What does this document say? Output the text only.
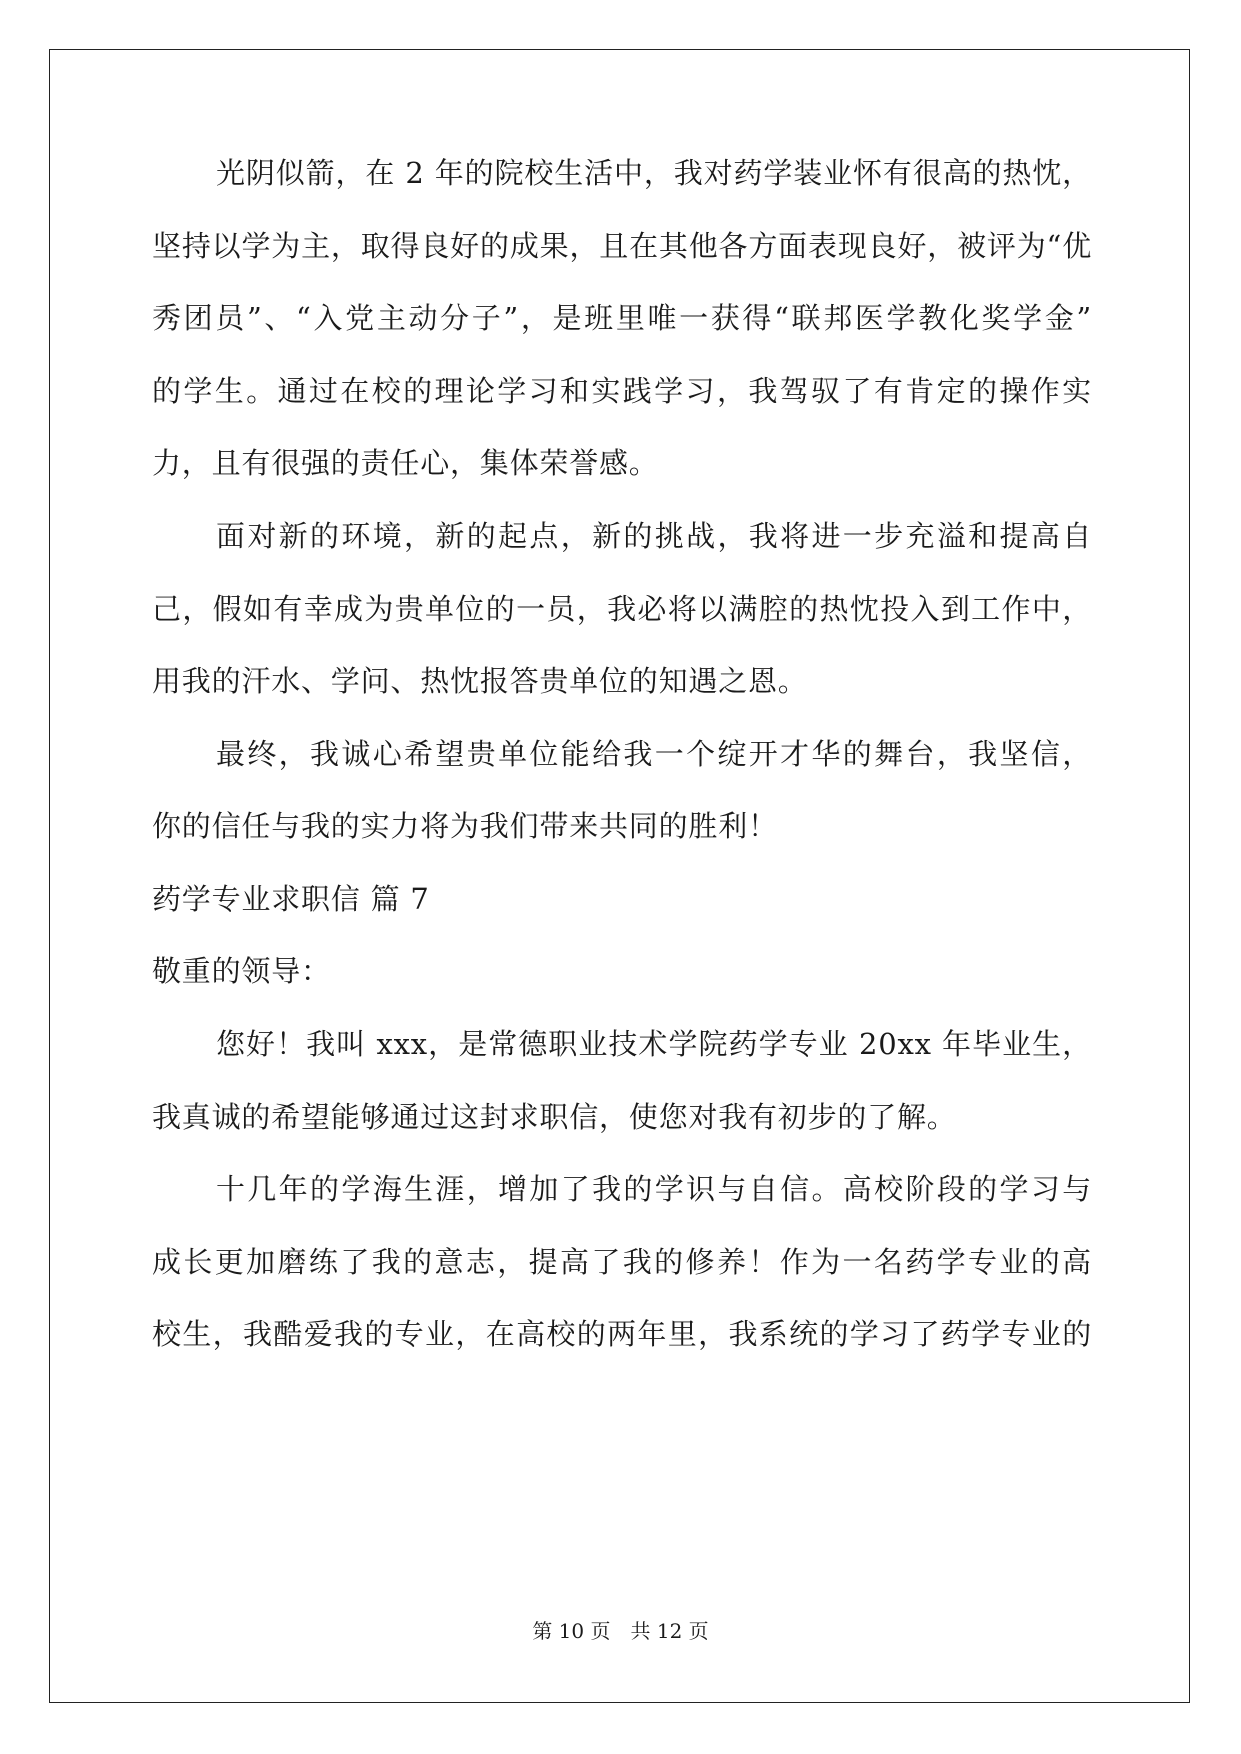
光阴似箭，在 2 年的院校生活中，我对药学装业怀有很高的热忱，
坚持以学为主，取得良好的成果，且在其他各方面表现良好，被评为“优
秀团员”、“入党主动分子”，是班里唯一获得“联邦医学教化奖学金”
的学生。通过在校的理论学习和实践学习，我驾驭了有肯定的操作实
力，且有很强的责任心，集体荣誉感。
面对新的环境，新的起点，新的挑战，我将进一步充溢和提高自
己，假如有幸成为贵单位的一员，我必将以满腔的热忱投入到工作中，
用我的汗水、学问、热忱报答贵单位的知遇之恩。
最终，我诚心希望贵单位能给我一个绽开才华的舞台，我坚信，
你的信任与我的实力将为我们带来共同的胜利！
药学专业求职信 篇 7
敬重的领导：
您好！我叫 xxx，是常德职业技术学院药学专业 20xx 年毕业生，
我真诚的希望能够通过这封求职信，使您对我有初步的了解。
十几年的学海生涯，增加了我的学识与自信。高校阶段的学习与
成长更加磨练了我的意志，提高了我的修养！作为一名药学专业的高
校生，我酷爱我的专业，在高校的两年里，我系统的学习了药学专业的
第 10 页　共 12 页
